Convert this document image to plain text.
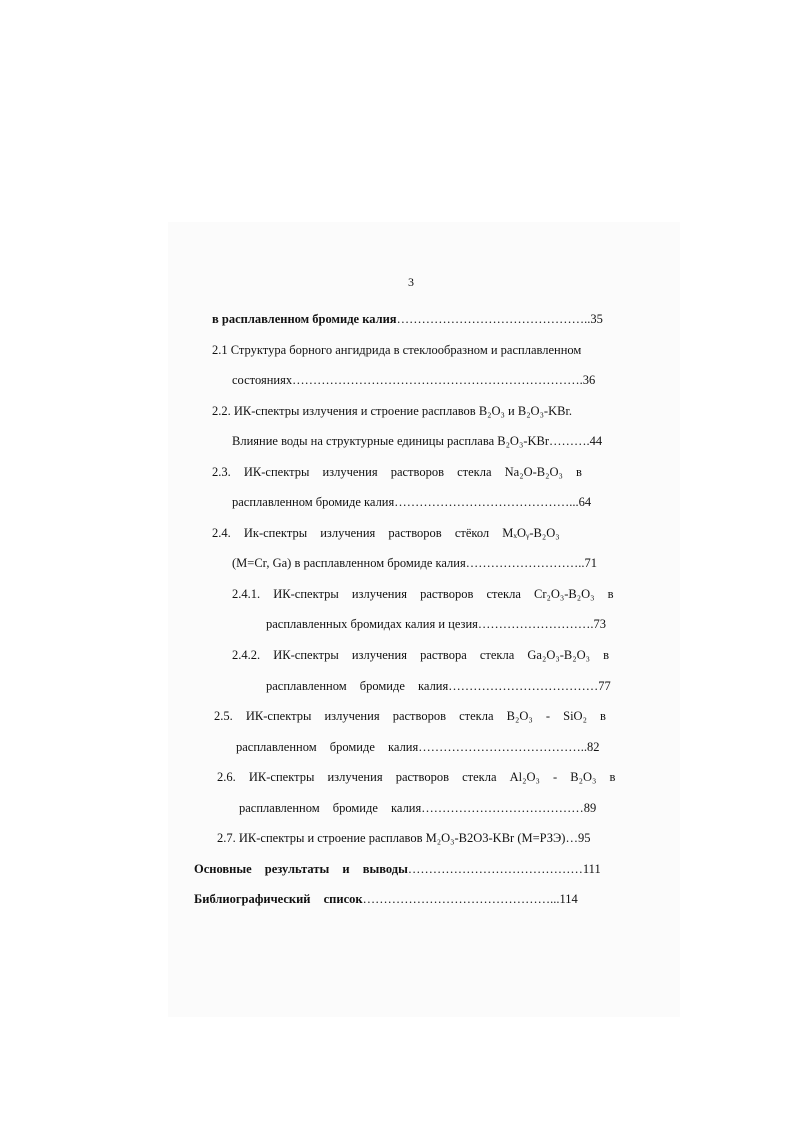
3
в расплавленном бромиде калия………………………………………..35
2.1 Структура борного ангидрида в стеклообразном и расплавленном
состояниях…………………………………………………………….36
2.2. ИК-спектры излучения и строение расплавов B₂O₃ и B₂O₃-KBr.
Влияние воды на структурные единицы расплава B₂O₃-KBr……….44
2.3. ИК-спектры излучения растворов стекла Na₂O-B₂O₃ в
расплавленном бромиде калия……………………………………...64
2.4. Ик-спектры излучения растворов стёкол MₓOᵧ-B₂O₃
(M=Cr, Ga) в расплавленном бромиде калия………………………..71
2.4.1. ИК-спектры излучения растворов стекла Cr₂O₃-B₂O₃ в
расплавленных бромидах калия и цезия……………………….73
2.4.2. ИК-спектры излучения раствора стекла Ga₂O₃-B₂O₃ в
расплавленном бромиде калия………………………………77
2.5. ИК-спектры излучения растворов стекла B₂O₃ - SiO₂ в
расплавленном бромиде калия…………………………………..82
2.6. ИК-спектры излучения растворов стекла Al₂O₃ - B₂O₃ в
расплавленном бромиде калия…………………………………89
2.7. ИК-спектры и строение расплавов M₂O₃-B2O3-KBr (M=РЗЭ)…95
Основные результаты и выводы……………………………………111
Библиографический список………………………………………...114
